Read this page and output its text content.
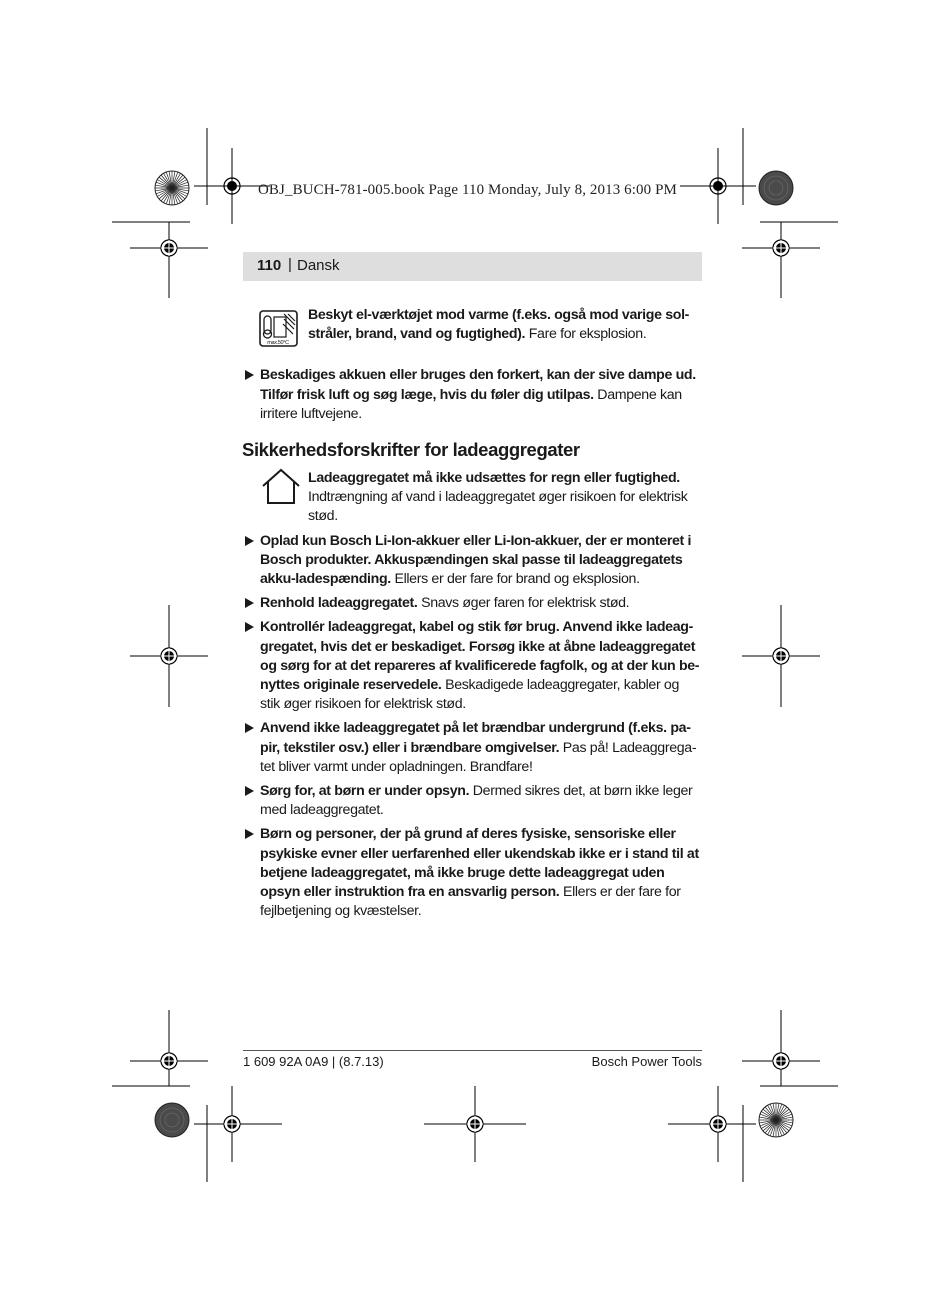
OBJ_BUCH-781-005.book Page 110 Monday, July 8, 2013 6:00 PM
110 | Dansk
max.50°C
Beskyt el-værktøjet mod varme (f.eks. også mod varige solstråler, brand, vand og fugtighed). Fare for eksplosion.
Beskadiges akkuen eller bruges den forkert, kan der sive dampe ud. Tilfør frisk luft og søg læge, hvis du føler dig utilpas. Dampene kan irritere luftvejene.
Sikkerhedsforskrifter for ladeaggregater
Ladeaggregatet må ikke udsættes for regn eller fugtighed. Indtrængning af vand i ladeaggregatet øger risikoen for elektrisk stød.
Oplad kun Bosch Li-Ion-akkuer eller Li-Ion-akkuer, der er monteret i Bosch produkter. Akkuspændingen skal passe til ladeaggregatets akku-ladespænding. Ellers er der fare for brand og eksplosion.
Renhold ladeaggregatet. Snavs øger faren for elektrisk stød.
Kontrollér ladeaggregat, kabel og stik før brug. Anvend ikke ladeaggregatet, hvis det er beskadiget. Forsøg ikke at åbne ladeaggregatet og sørg for at det repareres af kvalificerede fagfolk, og at der kun benyttes originale reservedele. Beskadigede ladeaggregater, kabler og stik øger risikoen for elektrisk stød.
Anvend ikke ladeaggregatet på let brændbar undergrund (f.eks. papir, tekstiler osv.) eller i brændbare omgivelser. Pas på! Ladeaggregatet bliver varmt under opladningen. Brandfare!
Sørg for, at børn er under opsyn. Dermed sikres det, at børn ikke leger med ladeaggregatet.
Børn og personer, der på grund af deres fysiske, sensoriske eller psykiske evner eller uerfarenhed eller ukendskab ikke er i stand til at betjene ladeaggregatet, må ikke bruge dette ladeaggregat uden opsyn eller instruktion fra en ansvarlig person. Ellers er der fare for fejlbetjening og kvæstelser.
1 609 92A 0A9 | (8.7.13)	Bosch Power Tools
